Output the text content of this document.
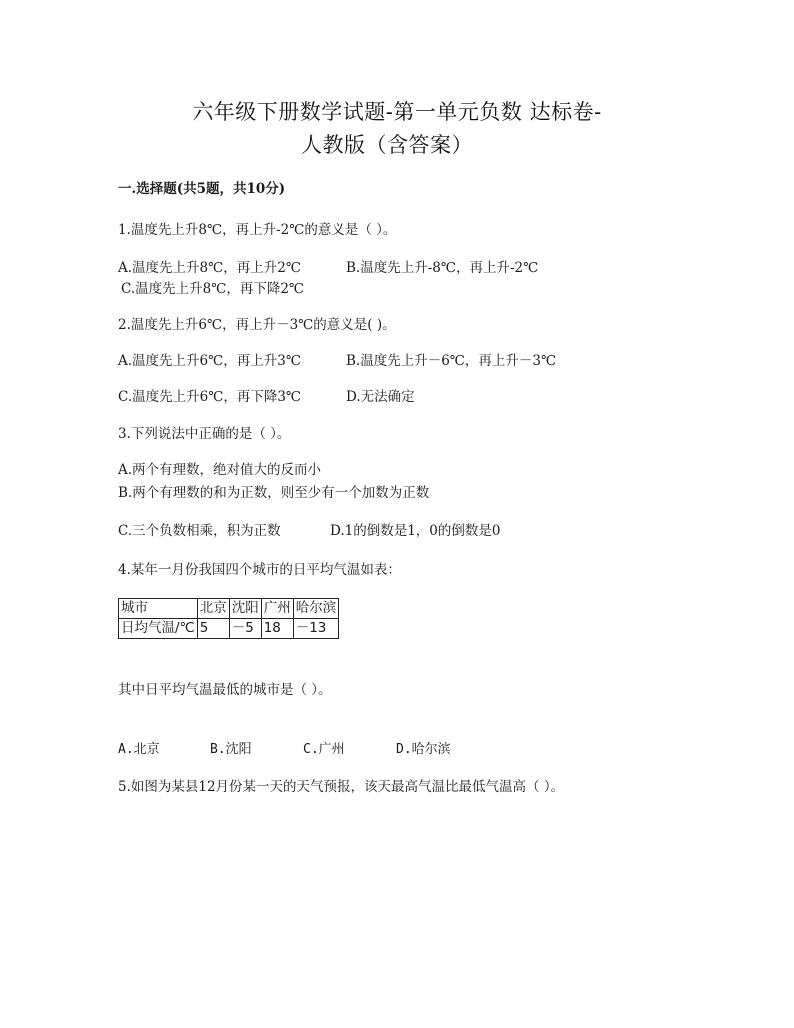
六年级下册数学试题-第一单元负数 达标卷-
人教版（含答案）
一.选择题(共5题，共10分)
1.温度先上升8℃，再上升-2℃的意义是（ ）。
A.温度先上升8℃，再上升2℃	B.温度先上升-8℃，再上升-2℃
C.温度先上升8℃，再下降2℃
2.温度先上升6℃，再上升－3℃的意义是( )。
A.温度先上升6℃，再上升3℃	B.温度先上升－6℃，再上升－3℃
C.温度先上升6℃，再下降3℃	D.无法确定
3.下列说法中正确的是（ ）。
A.两个有理数，绝对值大的反而小
B.两个有理数的和为正数，则至少有一个加数为正数
C.三个负数相乘，积为正数	D.1的倒数是1，0的倒数是0
4.某年一月份我国四个城市的日平均气温如表：
城市	北京	沈阳	广州	哈尔滨
日均气温/℃	5	－5	18	－13
其中日平均气温最低的城市是（ ）。
A.北京	B.沈阳	C.广州	D.哈尔滨
5.如图为某县12月份某一天的天气预报，该天最高气温比最低气温高（ ）。
